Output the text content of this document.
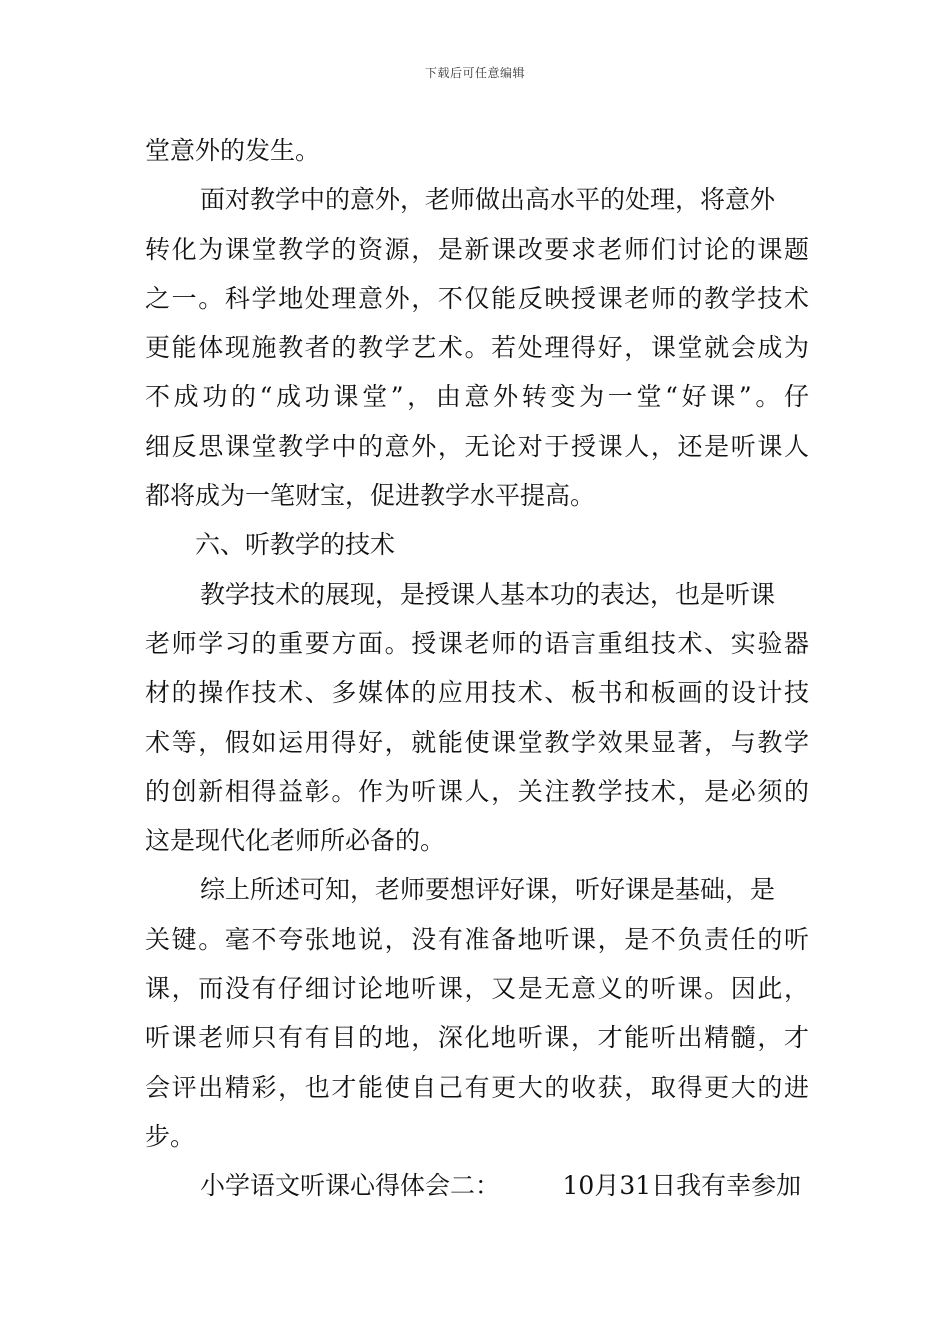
下载后可任意编辑
堂意外的发生。
面对教学中的意外，老师做出高水平的处理，将意外
转化为课堂教学的资源，是新课改要求老师们讨论的课题
之一。科学地处理意外，不仅能反映授课老师的教学技术
更能体现施教者的教学艺术。若处理得好，课堂就会成为
不成功的“成功课堂”，由意外转变为一堂“好课”。仔
细反思课堂教学中的意外，无论对于授课人，还是听课人
都将成为一笔财宝，促进教学水平提高。
六、听教学的技术
教学技术的展现，是授课人基本功的表达，也是听课
老师学习的重要方面。授课老师的语言重组技术、实验器
材的操作技术、多媒体的应用技术、板书和板画的设计技
术等，假如运用得好，就能使课堂教学效果显著，与教学
的创新相得益彰。作为听课人，关注教学技术，是必须的
这是现代化老师所必备的。
综上所述可知，老师要想评好课，听好课是基础，是
关键。毫不夸张地说，没有准备地听课，是不负责任的听
课，而没有仔细讨论地听课，又是无意义的听课。因此，
听课老师只有有目的地，深化地听课，才能听出精髓，才
会评出精彩，也才能使自己有更大的收获，取得更大的进
步。
小学语文听课心得体会二：　　　10月31日我有幸参加
